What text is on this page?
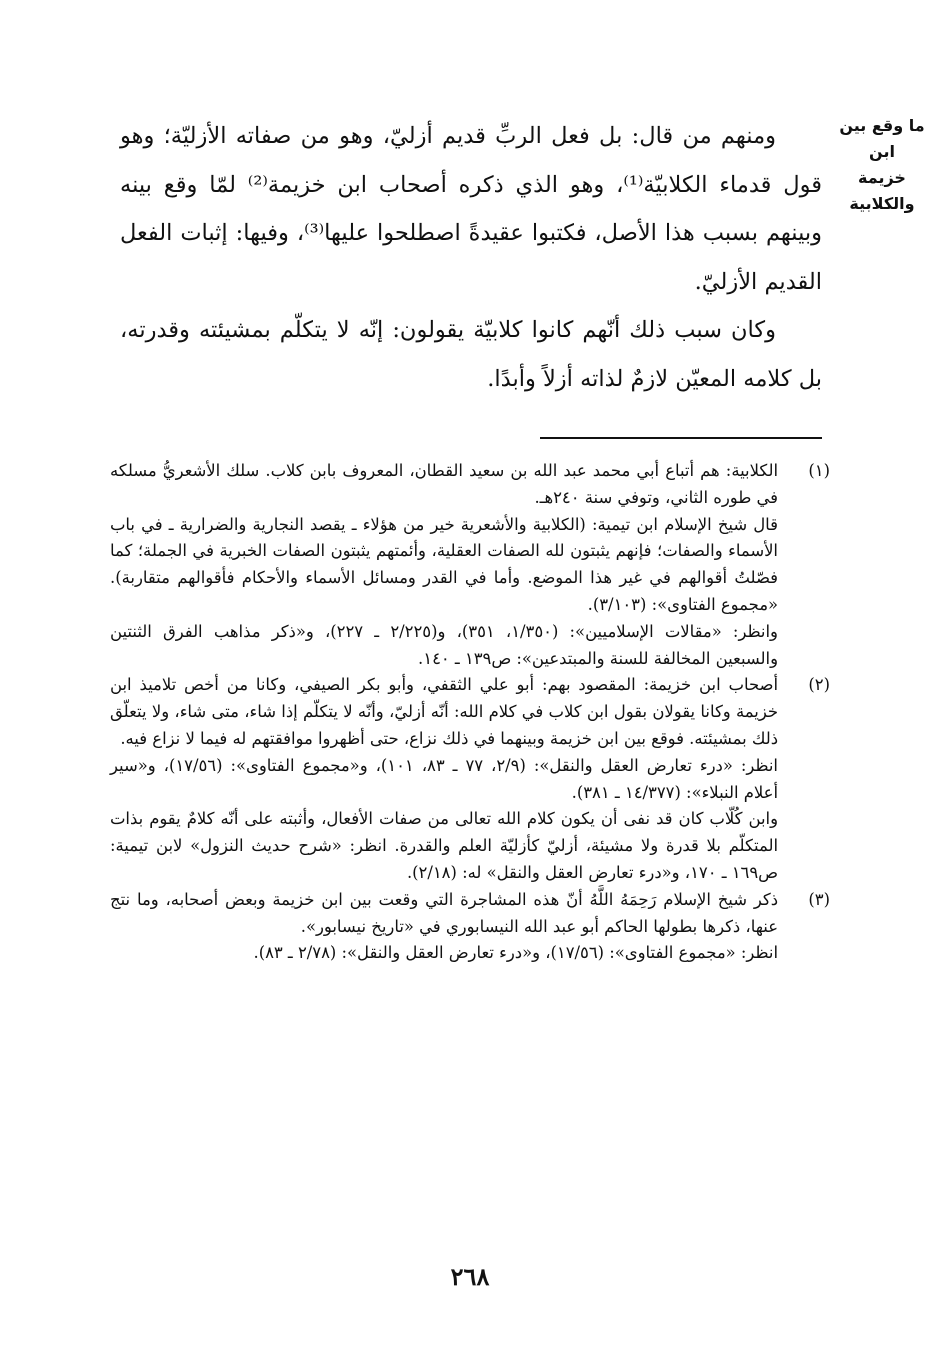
ما وقع بين ابن
خزيمة والكلابية

ومنهم من قال: بل فعل الربِّ قديم أزليّ، وهو من صفاته الأزليّة؛ وهو قول قدماء الكلابيّة⁽¹⁾، وهو الذي ذكره أصحاب ابن خزيمة⁽²⁾ لمّا وقع بينه وبينهم بسبب هذا الأصل، فكتبوا عقيدةً اصطلحوا عليها⁽³⁾، وفيها: إثبات الفعل القديم الأزليّ.

وكان سبب ذلك أنّهم كانوا كلابيّة يقولون: إنّه لا يتكلّم بمشيئته وقدرته، بل كلامه المعيّن لازمٌ لذاته أزلاً وأبدًا.

(١)

الكلابية: هم أتباع أبي محمد عبد الله بن سعيد القطان، المعروف بابن كلاب. سلك الأشعريُّ مسلكه في طوره الثاني، وتوفي سنة ٢٤٠هـ.

قال شيخ الإسلام ابن تيمية: (الكلابية والأشعرية خير من هؤلاء ـ يقصد النجارية والضرارية ـ في باب الأسماء والصفات؛ فإنهم يثبتون لله الصفات العقلية، وأئمتهم يثبتون الصفات الخبرية في الجملة؛ كما فصّلتُ أقوالهم في غير هذا الموضع. وأما في القدر ومسائل الأسماء والأحكام فأقوالهم متقاربة). «مجموع الفتاوى»: (٣/١٠٣).

وانظر: «مقالات الإسلاميين»: (١/٣٥٠، ٣٥١)، و(٢/٢٢٥ ـ ٢٢٧)، و«ذكر مذاهب الفرق الثنتين والسبعين المخالفة للسنة والمبتدعين»: ص١٣٩ ـ ١٤٠.

(٢)

أصحاب ابن خزيمة: المقصود بهم: أبو علي الثقفي، وأبو بكر الصيفي، وكانا من أخص تلاميذ ابن خزيمة وكانا يقولان بقول ابن كلاب في كلام الله: أنّه أزليّ، وأنّه لا يتكلّم إذا شاء، متى شاء، ولا يتعلّق ذلك بمشيئته. فوقع بين ابن خزيمة وبينهما في ذلك نزاع، حتى أظهروا موافقتهم له فيما لا نزاع فيه.

انظر: «درء تعارض العقل والنقل»: (٢/٩، ٧٧ ـ ٨٣، ١٠١)، و«مجموع الفتاوى»: (١٧/٥٦)، و«سير أعلام النبلاء»: (١٤/٣٧٧ ـ ٣٨١).

وابن كُلّاب كان قد نفى أن يكون كلام الله تعالى من صفات الأفعال، وأثبته على أنّه كلامٌ يقوم بذات المتكلّم بلا قدرة ولا مشيئة، أزليّ كأزليّة العلم والقدرة. انظر: «شرح حديث النزول» لابن تيمية: ص١٦٩ ـ ١٧٠، و«درء تعارض العقل والنقل» له: (٢/١٨).

(٣)

ذكر شيخ الإسلام رَحِمَهُ اللَّهُ أنّ هذه المشاجرة التي وقعت بين ابن خزيمة وبعض أصحابه، وما نتج عنها، ذكرها بطولها الحاكم أبو عبد الله النيسابوري في «تاريخ نيسابور».

انظر: «مجموع الفتاوى»: (١٧/٥٦)، و«درء تعارض العقل والنقل»: (٢/٧٨ ـ ٨٣).

٢٦٨
